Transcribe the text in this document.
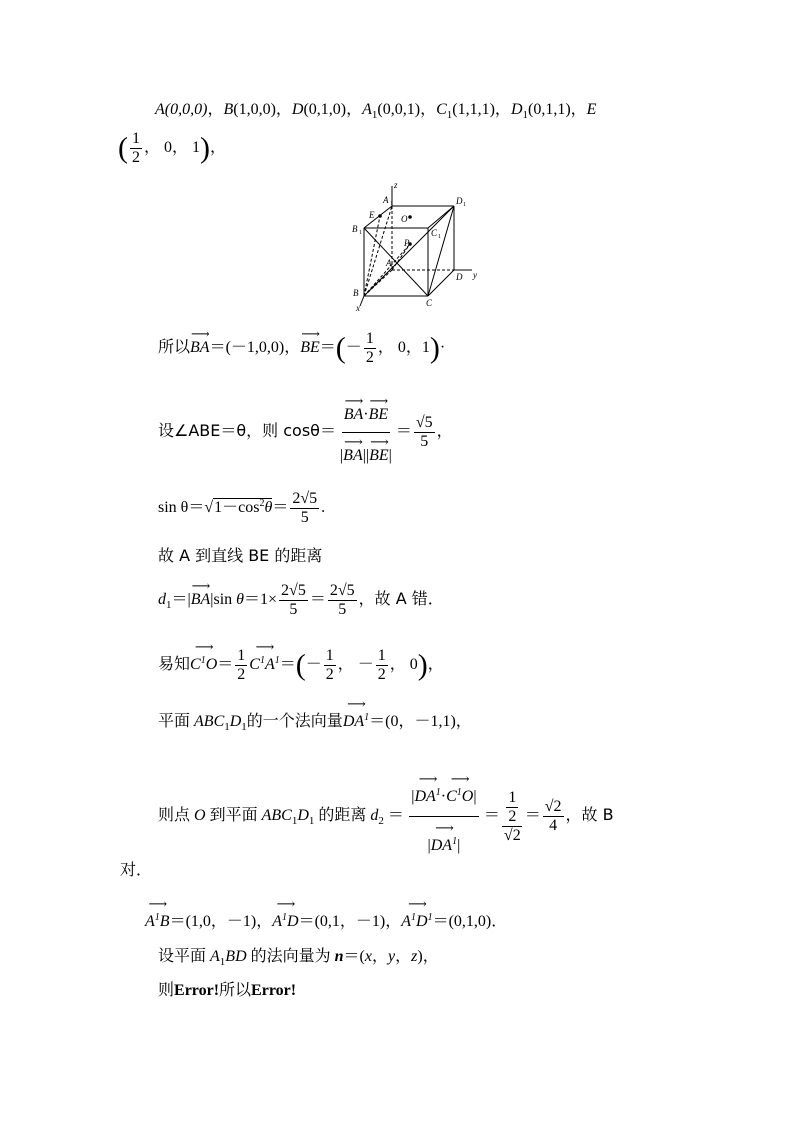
A(0,0,0)，B(1,0,0)，D(0,1,0)，$A_1(0,0,1)$，$C_1(1,1,1)$，$D_1(0,1,1)$，E
( $\frac{1}{2}$ ， 0， 1)，
z
A	D
E	O
B	C
P
A
y
D
B
C
x
1	1
1
1
所以⟶ BA＝(－1,0,0)，⟶ $BE=(- \frac{1}{2}$ ， 0，1)·
设∠ABE＝θ，则 cosθ＝ ⟶ $\frac{BA\cdot⟶ BE}{|⟶ BA||⟶ BE|} = \frac{√5}{5}$ ，
$\sin \theta=√1-\cos^2\theta= \frac{2√5}{5}$ .
故 A 到直线 BE 的距离
$d_1=|⟶$ BA|sin $\theta=1\times \frac{2√5}{5} = \frac{2√5}{5}$ ，故 A 错．
易知⟶ $C^1O= \frac{1}{2}$ ⟶ $C^1A^1=(- \frac{1}{2}$ ， － $\frac{1}{2}$ ， 0)，
平面 $ABC_1D_1$的一个法向量⟶ $DA^1=(0$，－1,1)，
则点 O 到平面 $ABC_1D_1$ 的距离 $d_2 = \frac{|⟶ DA^1\cdot⟶ C^1O|}{|⟶ DA^1|} = \frac{\frac{1}{2}}{√2} = \frac{√2}{4}$ ，故 B
对．
⟶ $A^1B=(1,0$，－1)，⟶ $A^1D=(0,1$，－1)，⟶ $A^1D^1=(0,1,0)$．
设平面 $A_1BD$ 的法向量为 n＝(x，y，z)，
则Error!所以Error!
